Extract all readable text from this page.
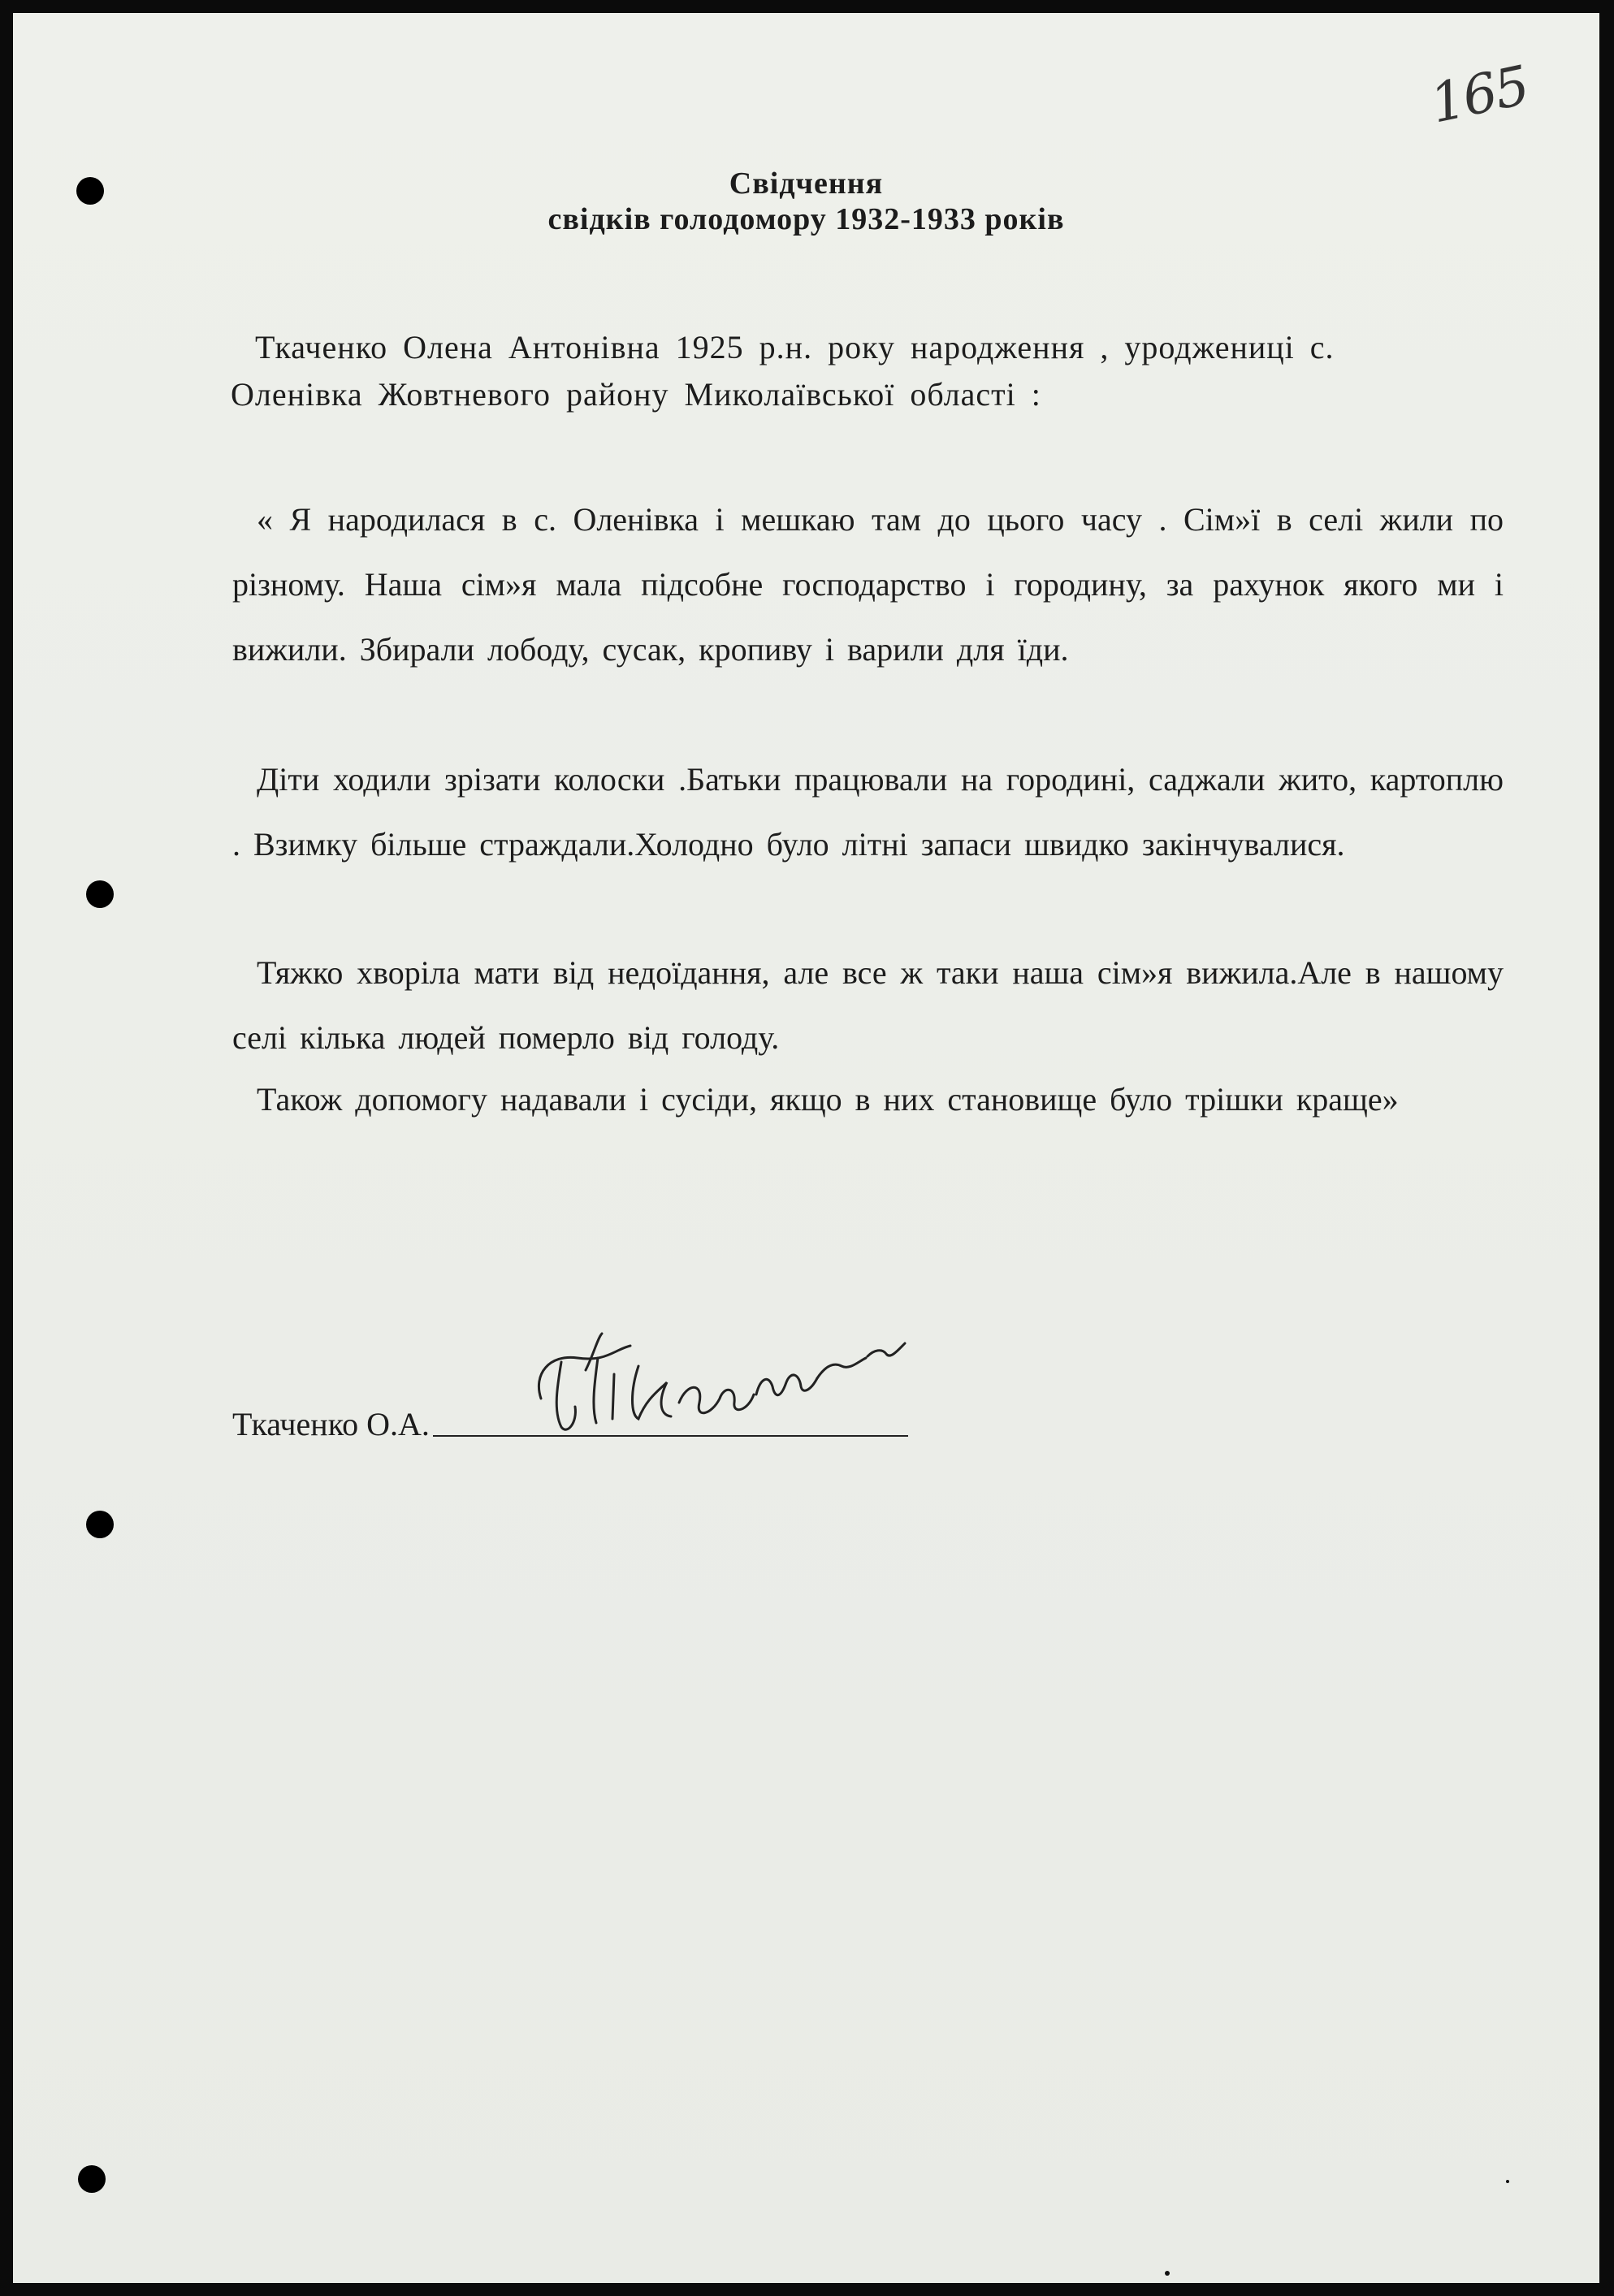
165
Свідчення
свідків голодомору 1932-1933 років
Ткаченко Олена Антонівна 1925 р.н. року народження , уроджениці с.
Оленівка Жовтневого району Миколаївської області :

« Я народилася в с. Оленівка і мешкаю там до цього часу . Сім»ї в селі жили по різному. Наша сім»я мала підсобне господарство і городину, за рахунок якого ми і вижили. Збирали лободу, сусак, кропиву і варили для їди.

Діти ходили зрізати колоски .Батьки працювали на городині, саджали жито, картоплю . Взимку більше страждали.Холодно було літні запаси швидко закінчувалися.

Тяжко хворіла мати від недоїдання, але все ж таки наша сім»я вижила.Але в нашому селі кілька людей померло від голоду.

Також допомогу надавали і сусіди, якщо в них становище було трішки краще»

Ткаченко О.А.
